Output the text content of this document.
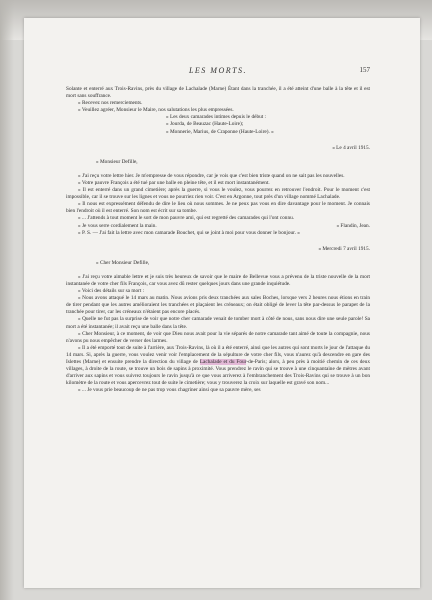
LES MORTS.	157

Solante et enterré aux Trois-Ravins, près du village de Lachalade (Marne) Étant dans la tranchée, il a été atteint d'une balle à la tête et il est mort sans souffrance.

» Recevez nos remerciements.

» Veuillez agréer, Monsieur le Maire, nos salutations les plus empressées.

» Les deux camarades intimes depuis le début :

» Jourda, de Beauzac (Haute-Loire);

» Monnerie, Marius, de Craponne (Haute-Loire). »

« Le 4 avril 1915.

» Monsieur Defille,

» J'ai reçu votre lettre hier. Je m'empresse de vous répondre, car je vois que c'est bien triste quand on ne sait pas les nouvelles.

» Votre pauvre François a été tué par une balle en pleine tête, et il est mort instantanément.

» Il est enterré dans un grand cimetière; après la guerre, si vous le voulez, vous pourrez en retrouver l'endroit. Pour le moment c'est impossible, car il se trouve sur les lignes et vous ne pourriez rien voir. C'est en Argonne, tout près d'un village nommé Lachalade.

» Il nous est expressément défendu de dire le lieu où nous sommes. Je ne peux pas vous en dire davantage pour le moment. Je connais bien l'endroit où il est enterré. Son nom est écrit sur sa tombe.

» ... J'attends à tout moment le sort de mon pauvre ami, qui est regretté des camarades qui l'ont connu.

» Je vous serre cordialement la main.	» Flandin, Jean.

» P. S. — J'ai fait la lettre avec mon camarade Bouchet, qui se joint à moi pour vous donner le bonjour. »

« Mercredi 7 avril 1915.

» Cher Monsieur Defille,

» J'ai reçu votre aimable lettre et je suis très heureux de savoir que le maire de Bellevue vous a prévenu de la triste nouvelle de la mort instantanée de votre cher fils François, car vous avez dû rester quelques jours dans une grande inquiétude.

» Voici des détails sur sa mort :

» Nous avons attaqué le 14 mars au matin. Nous avions pris deux tranchées aux sales Boches, lorsque vers 2 heures nous étions en train de tirer pendant que les autres amélioraient les tranchées et plaçaient les créneaux; on était obligé de lever la tête par-dessus le parapet de la tranchée pour tirer, car les créneaux n'étaient pas encore placés.

» Quelle ne fut pas la surprise de voir que notre cher camarade venait de tomber mort à côté de nous, sans nous dire une seule parole! Sa mort a été instantanée; il avait reçu une balle dans la tête.

» Cher Monsieur, à ce moment, de voir que Dieu nous avait pour la vie séparés de notre camarade tant aimé de toute la compagnie, nous n'avons pu nous empêcher de verser des larmes.

» Il a été emporté tout de suite à l'arrière, aux Trois-Ravins, là où il a été enterré, ainsi que les autres qui sont morts le jour de l'attaque du 14 mars. Si, après la guerre, vous voulez venir voir l'emplacement de la sépulture de votre cher fils, vous n'aurez qu'à descendre en gare des Islettes (Marne) et ensuite prendre la direction du village de Lachalade et du Four-de-Paris; alors, à peu près à moitié chemin de ces deux villages, à droite de la route, se trouve un bois de sapins à proximité. Vous prendrez le ravin qui se trouve à une cinquantaine de mètres avant d'arriver aux sapins et vous suivrez toujours le ravin jusqu'à ce que vous arriverez à l'embranchement des Trois-Ravins qui se trouve à un bon kilomètre de la route et vous apercevrez tout de suite le cimetière; vous y trouverez la croix sur laquelle est gravé son nom...

» ... Je vous prie beaucoup de ne pas trop vous chagriner ainsi que sa pauvre mère, ses
